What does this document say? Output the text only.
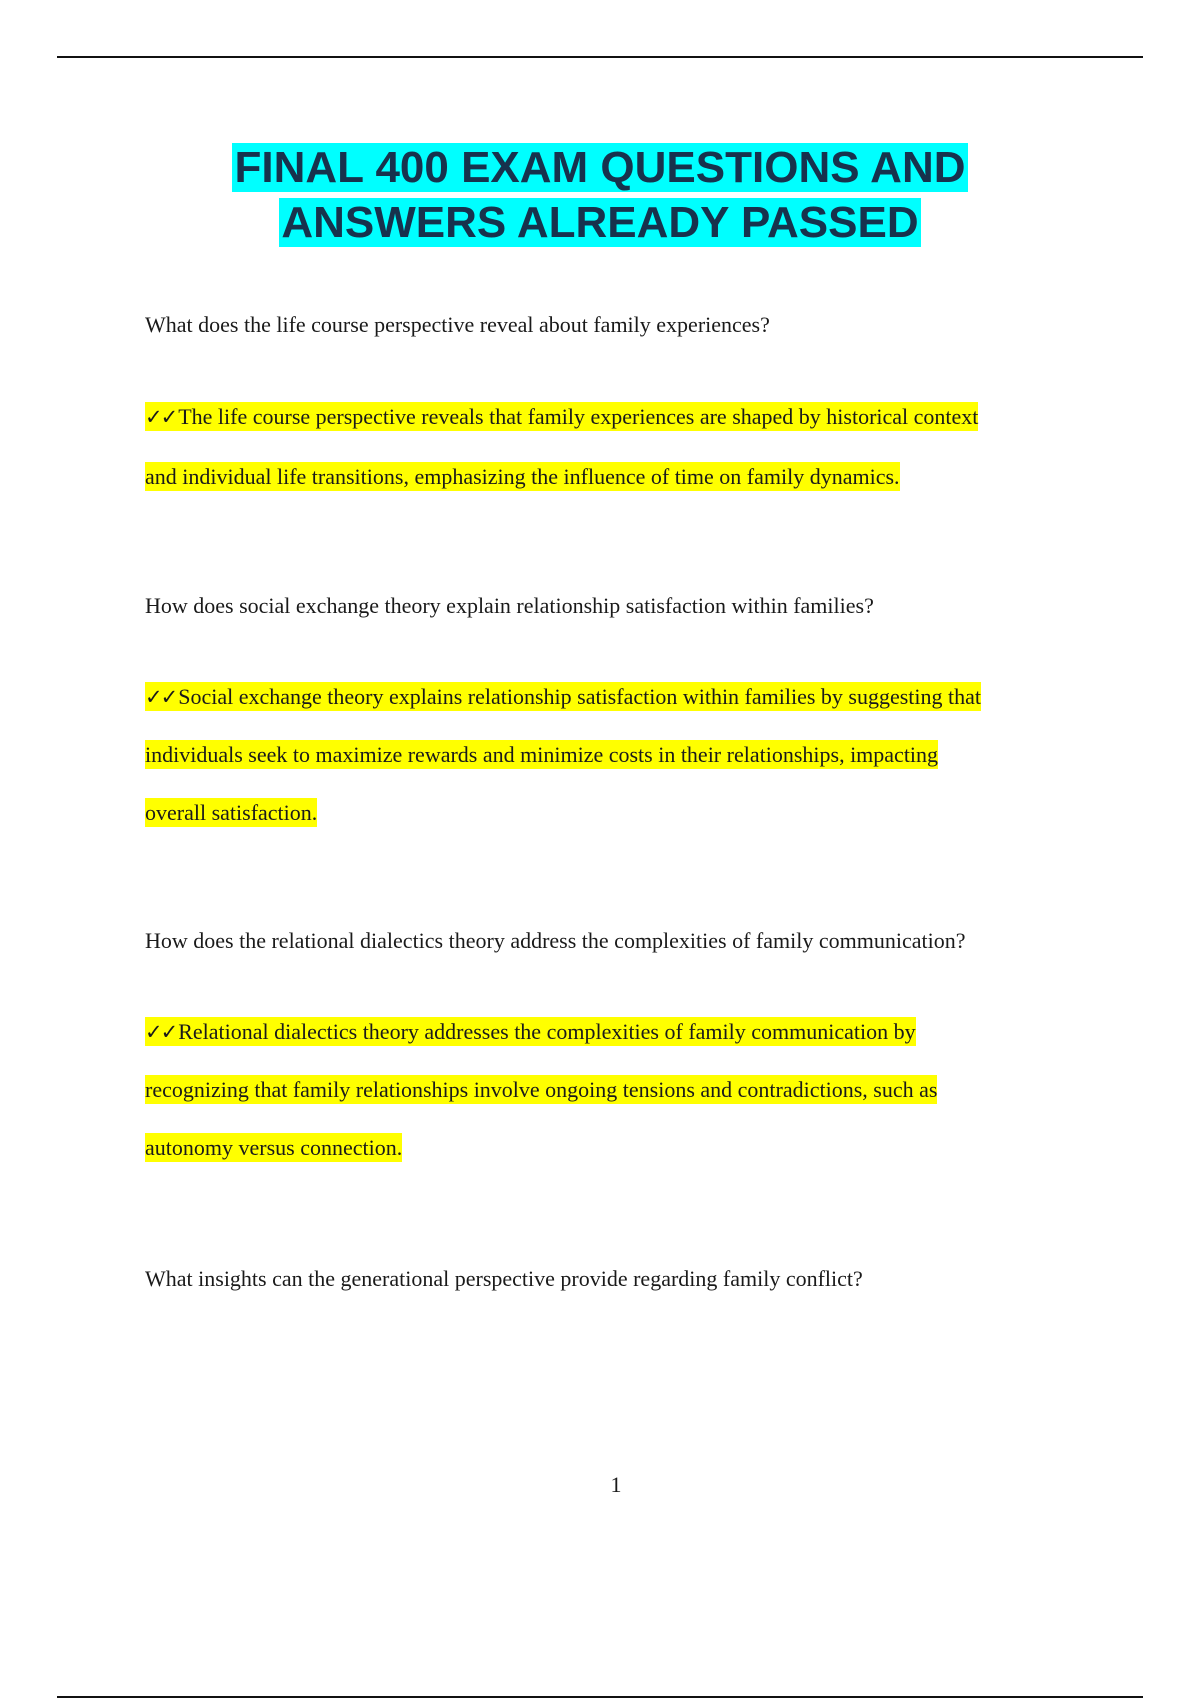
FINAL 400 EXAM QUESTIONS AND
ANSWERS ALREADY PASSED

What does the life course perspective reveal about family experiences?

✓✓The life course perspective reveals that family experiences are shaped by historical context
and individual life transitions, emphasizing the influence of time on family dynamics.

How does social exchange theory explain relationship satisfaction within families?

✓✓Social exchange theory explains relationship satisfaction within families by suggesting that
individuals seek to maximize rewards and minimize costs in their relationships, impacting
overall satisfaction.

How does the relational dialectics theory address the complexities of family communication?

✓✓Relational dialectics theory addresses the complexities of family communication by
recognizing that family relationships involve ongoing tensions and contradictions, such as
autonomy versus connection.

What insights can the generational perspective provide regarding family conflict?

1
